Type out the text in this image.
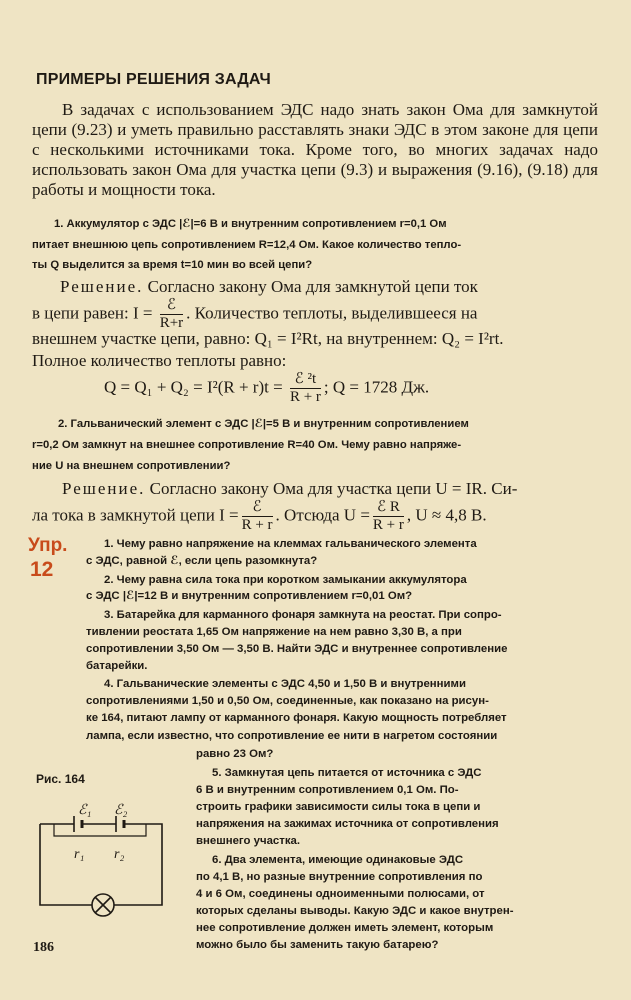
ПРИМЕРЫ РЕШЕНИЯ ЗАДАЧ
В задачах с использованием ЭДС надо знать закон Ома для замкнутой цепи (9.23) и уметь правильно расставлять знаки ЭДС в этом законе для цепи с несколькими источниками тока. Кроме того, во многих задачах надо использовать закон Ома для участка цепи (9.3) и выражения (9.16), (9.18) для работы и мощности тока.
1. Аккумулятор с ЭДС |ℰ|=6 В и внутренним сопротивлением r=0,1 Ом
питает внешнюю цепь сопротивлением R=12,4 Ом. Какое количество тепло-
ты Q выделится за время t=10 мин во всей цепи?
Решение. Согласно закону Ома для замкнутой цепи ток
в цепи равен: $I = \frac{\text{ℰ}}{R+r}$ . Количество теплоты, выделившееся на
внешнем участке цепи, равно: Q₁ = I²Rt, на внутреннем: Q₂ = I²rt.
Полное количество теплоты равно:
$Q = Q_1 + Q_2 = I^2(R + r)t = \frac{\text{ℰ ²t}}{R + r}$ ; Q = 1728 Дж.
2. Гальванический элемент с ЭДС |ℰ|=5 В и внутренним сопротивлением
r=0,2 Ом замкнут на внешнее сопротивление R=40 Ом. Чему равно напряже-
ние U на внешнем сопротивлении?
Решение. Согласно закону Ома для участка цепи U = IR. Си-
ла тока в замкнутой цепи $I = \frac{\text{ℰ}}{R + r}$ . Отсюда $U = \frac{\text{ℰ R}}{R + r}$ , U ≈ 4,8 В.
Упр.
12
1. Чему равно напряжение на клеммах гальванического элемента
с ЭДС, равной ℰ, если цепь разомкнута?
2. Чему равна сила тока при коротком замыкании аккумулятора
с ЭДС |ℰ|=12 В и внутренним сопротивлением r=0,01 Ом?
3. Батарейка для карманного фонаря замкнута на реостат. При сопро-
тивлении реостата 1,65 Ом напряжение на нем равно 3,30 В, а при
сопротивлении 3,50 Ом — 3,50 В. Найти ЭДС и внутреннее сопротивление
батарейки.
4. Гальванические элементы с ЭДС 4,50 и 1,50 В и внутренними
сопротивлениями 1,50 и 0,50 Ом, соединенные, как показано на рисун-
ке 164, питают лампу от карманного фонаря. Какую мощность потребляет
лампа, если известно, что сопротивление ее нити в нагретом состоянии
равно 23 Ом?
5. Замкнутая цепь питается от источника с ЭДС
6 В и внутренним сопротивлением 0,1 Ом. По-
строить графики зависимости силы тока в цепи и
напряжения на зажимах источника от сопротивления
внешнего участка.
6. Два элемента, имеющие одинаковые ЭДС
по 4,1 В, но разные внутренние сопротивления по
4 и 6 Ом, соединены одноименными полюсами, от
которых сделаны выводы. Какую ЭДС и какое внутрен-
нее сопротивление должен иметь элемент, которым
можно было бы заменить такую батарею?
Рис. 164
ℰ₁ ℰ₂
r₁ r₂
186
